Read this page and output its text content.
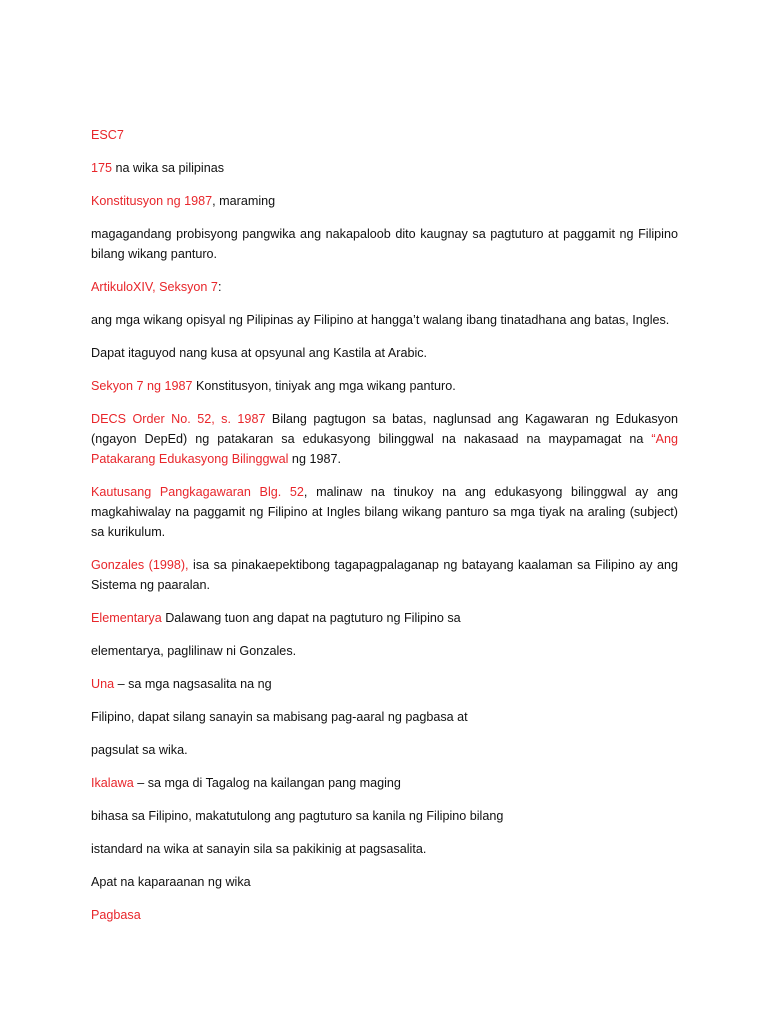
ESC7

175 na wika sa pilipinas

Konstitusyon ng 1987, maraming

magagandang probisyong pangwika ang nakapaloob dito kaugnay sa pagtuturo at paggamit ng Filipino bilang wikang panturo.

ArtikuloXIV, Seksyon 7:

ang mga wikang opisyal ng Pilipinas ay Filipino at hangga’t walang ibang tinatadhana ang batas, Ingles.

Dapat itaguyod nang kusa at opsyunal ang Kastila at Arabic.

Sekyon 7 ng 1987 Konstitusyon, tiniyak ang mga wikang panturo.

DECS Order No. 52, s. 1987 Bilang pagtugon sa batas, naglunsad ang Kagawaran ng Edukasyon (ngayon DepEd) ng patakaran sa edukasyong bilinggwal na nakasaad na maypamagat na “Ang Patakarang Edukasyong Bilinggwal ng 1987.

Kautusang Pangkagawaran Blg. 52, malinaw na tinukoy na ang edukasyong bilinggwal ay ang magkahiwalay na paggamit ng Filipino at Ingles bilang wikang panturo sa mga tiyak na araling (subject) sa kurikulum.

Gonzales (1998), isa sa pinakaepektibong tagapagpalaganap ng batayang kaalaman sa Filipino ay ang Sistema ng paaralan.

Elementarya Dalawang tuon ang dapat na pagtuturo ng Filipino sa

elementarya, paglilinaw ni Gonzales.

Una – sa mga nagsasalita na ng

Filipino, dapat silang sanayin sa mabisang pag-aaral ng pagbasa at

pagsulat sa wika.

Ikalawa – sa mga di Tagalog na kailangan pang maging

bihasa sa Filipino, makatutulong ang pagtuturo sa kanila ng Filipino bilang

istandard na wika at sanayin sila sa pakikinig at pagsasalita.

Apat na kaparaanan ng wika

Pagbasa
